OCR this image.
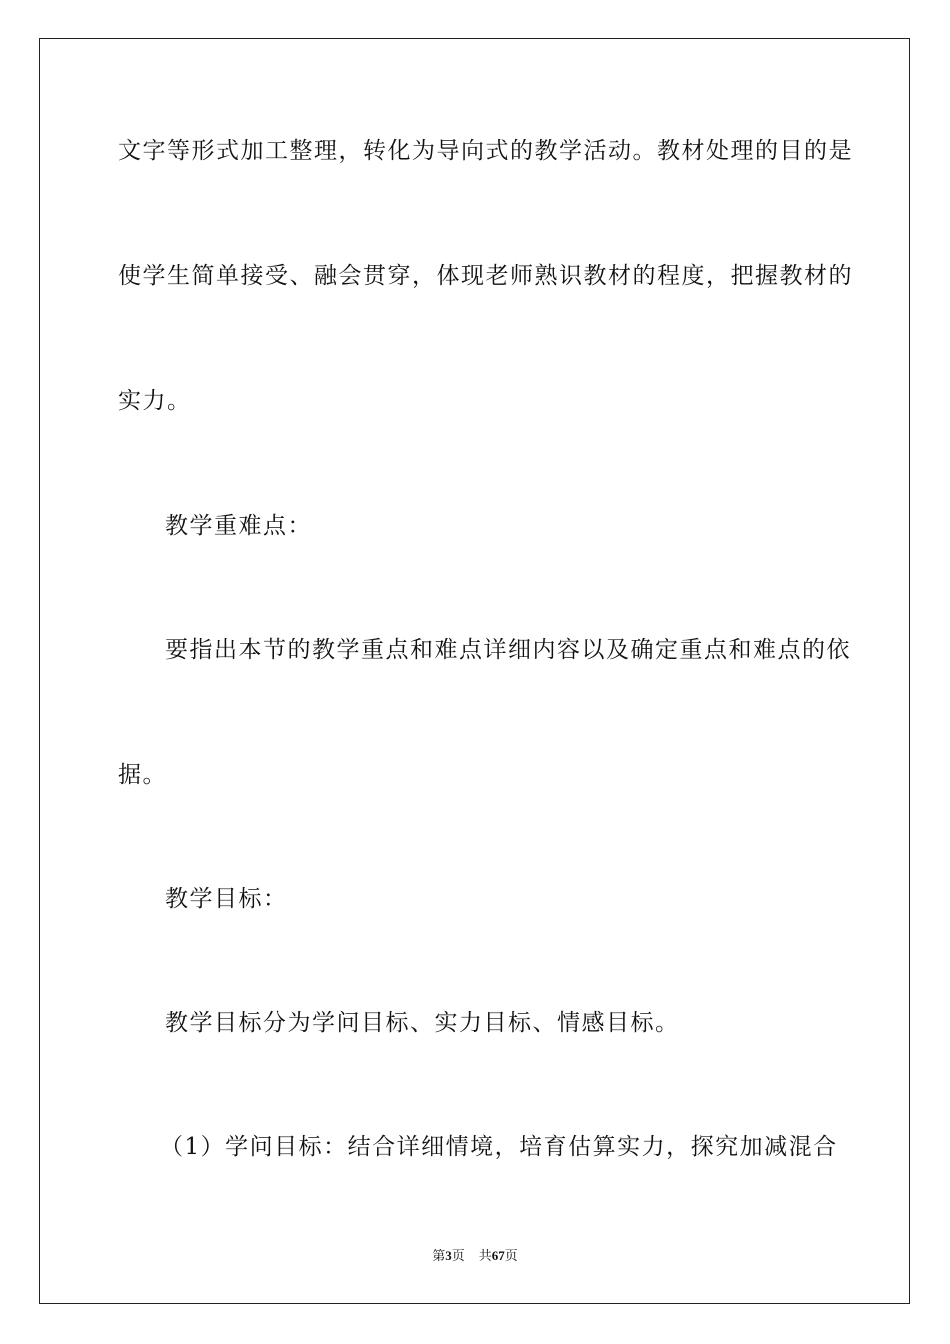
文字等形式加工整理，转化为导向式的教学活动。教材处理的目的是
使学生简单接受、融会贯穿，体现老师熟识教材的程度，把握教材的
实力。
教学重难点：
要指出本节的教学重点和难点详细内容以及确定重点和难点的依
据。
教学目标：
教学目标分为学问目标、实力目标、情感目标。
（1）学问目标：结合详细情境，培育估算实力，探究加减混合
第3页 共67页
